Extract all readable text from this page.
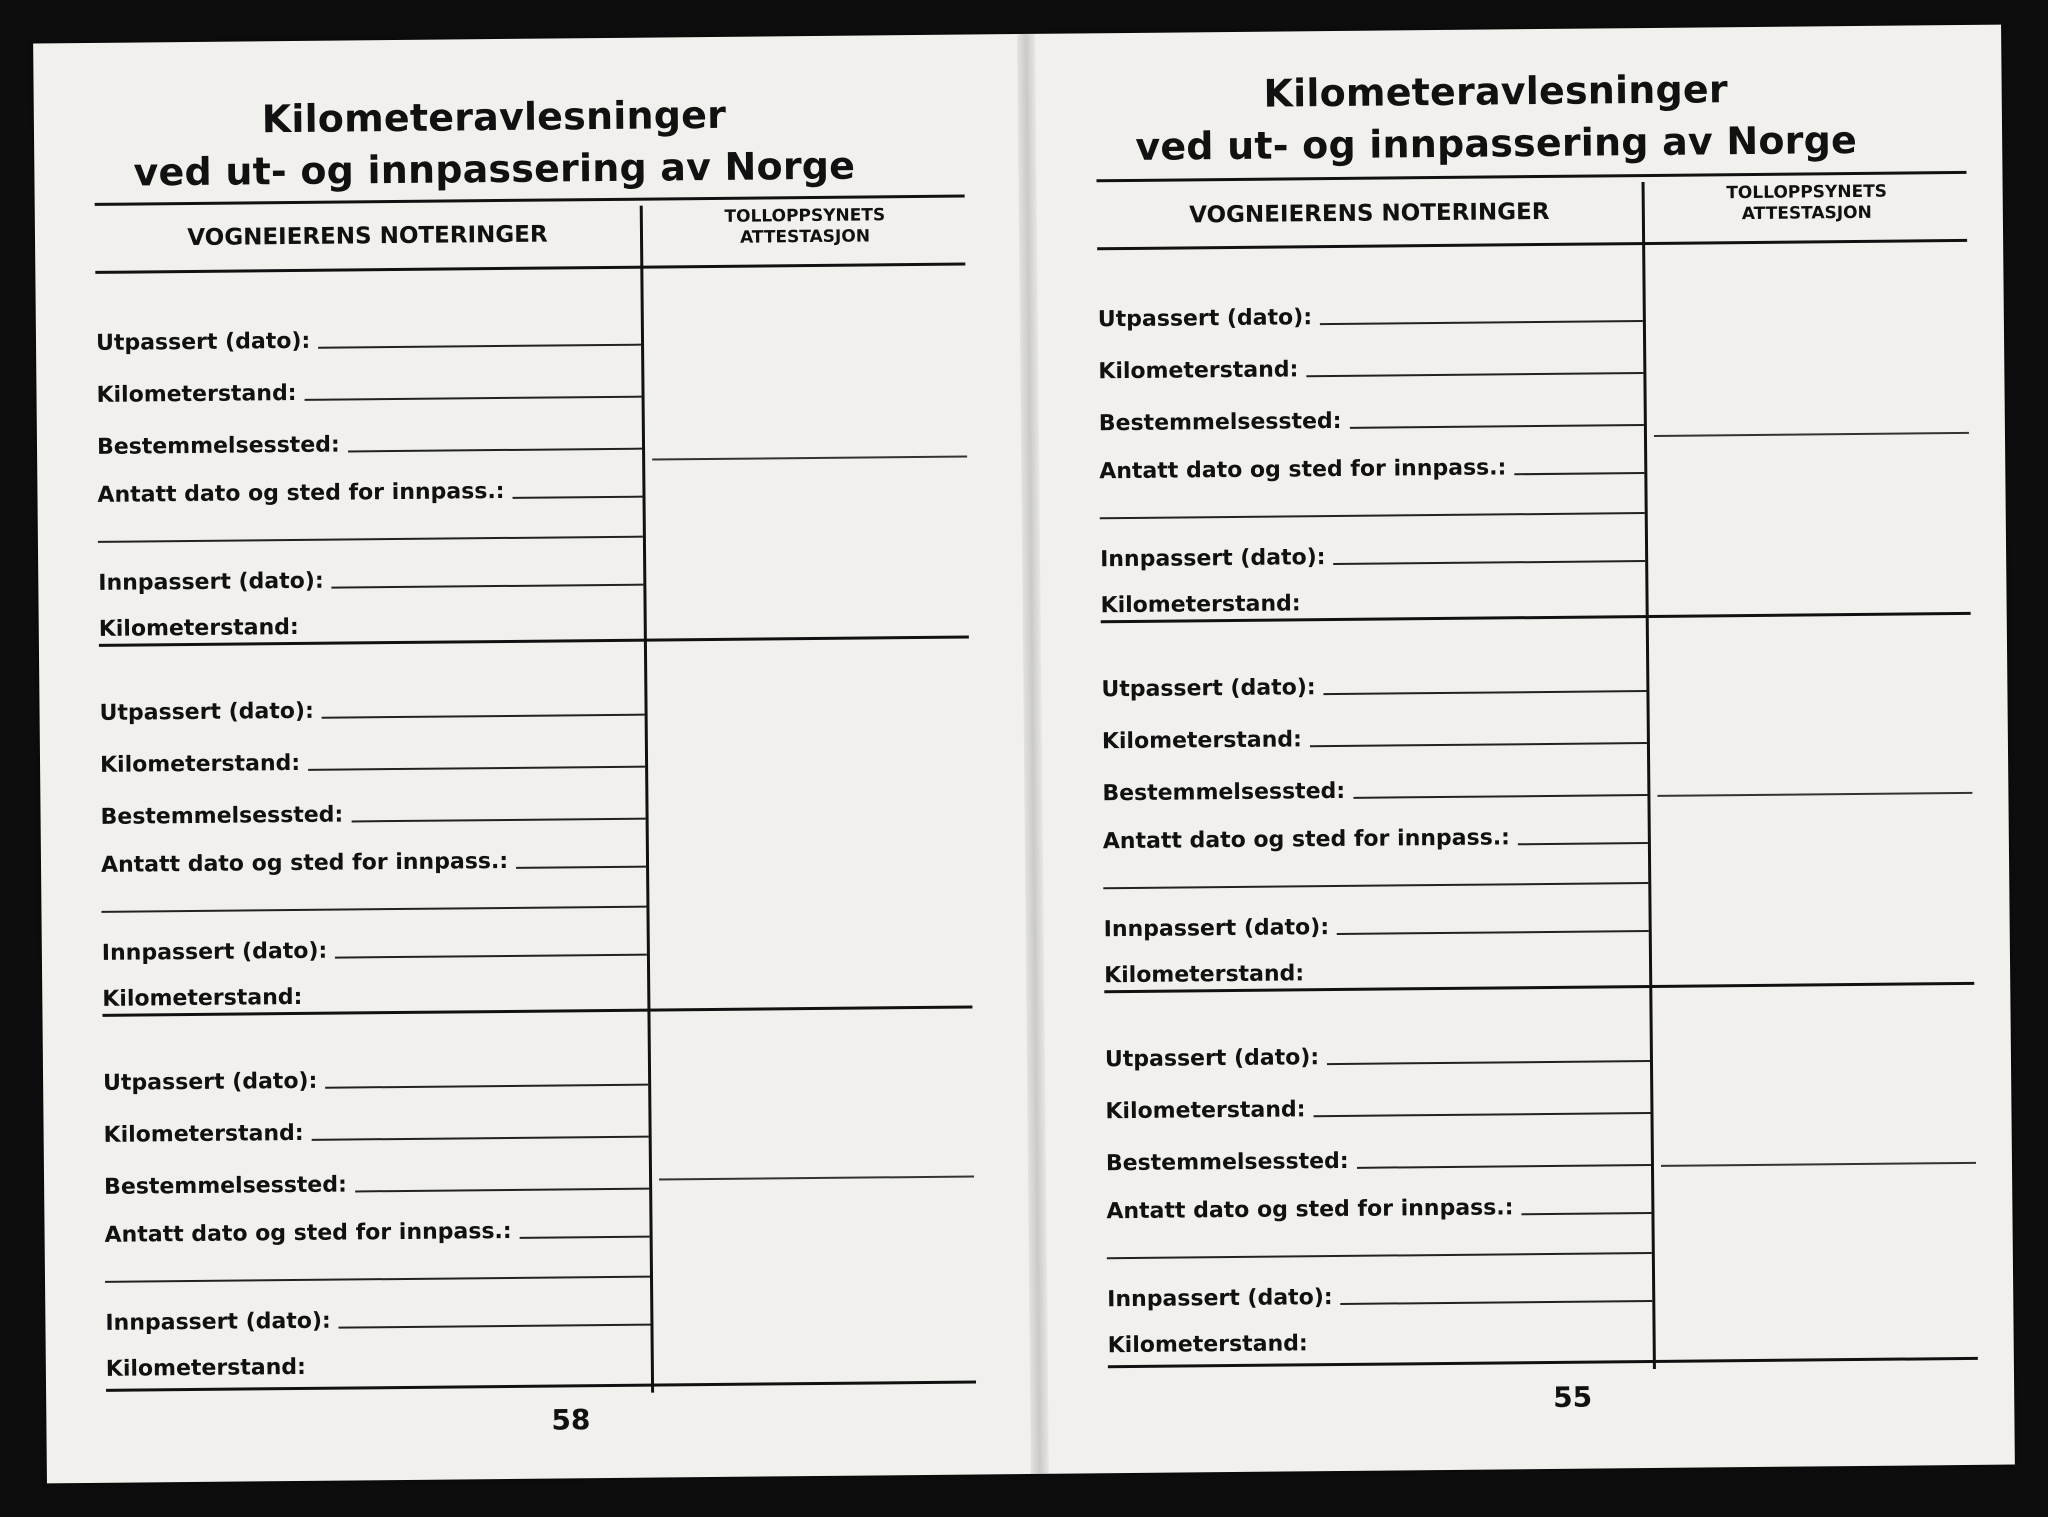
Kilometeravlesninger
ved ut- og innpassering av Norge
VOGNEIERENS NOTERINGER
TOLLOPPSYNETS
ATTESTASJON
Utpassert (dato):
Kilometerstand:
Bestemmelsessted:
Antatt dato og sted for innpass.:
Innpassert (dato):
Kilometerstand:
Utpassert (dato):
Kilometerstand:
Bestemmelsessted:
Antatt dato og sted for innpass.:
Innpassert (dato):
Kilometerstand:
Utpassert (dato):
Kilometerstand:
Bestemmelsessted:
Antatt dato og sted for innpass.:
Innpassert (dato):
Kilometerstand:
58
Kilometeravlesninger
ved ut- og innpassering av Norge
VOGNEIERENS NOTERINGER
TOLLOPPSYNETS
ATTESTASJON
Utpassert (dato):
Kilometerstand:
Bestemmelsessted:
Antatt dato og sted for innpass.:
Innpassert (dato):
Kilometerstand:
Utpassert (dato):
Kilometerstand:
Bestemmelsessted:
Antatt dato og sted for innpass.:
Innpassert (dato):
Kilometerstand:
Utpassert (dato):
Kilometerstand:
Bestemmelsessted:
Antatt dato og sted for innpass.:
Innpassert (dato):
Kilometerstand:
55
